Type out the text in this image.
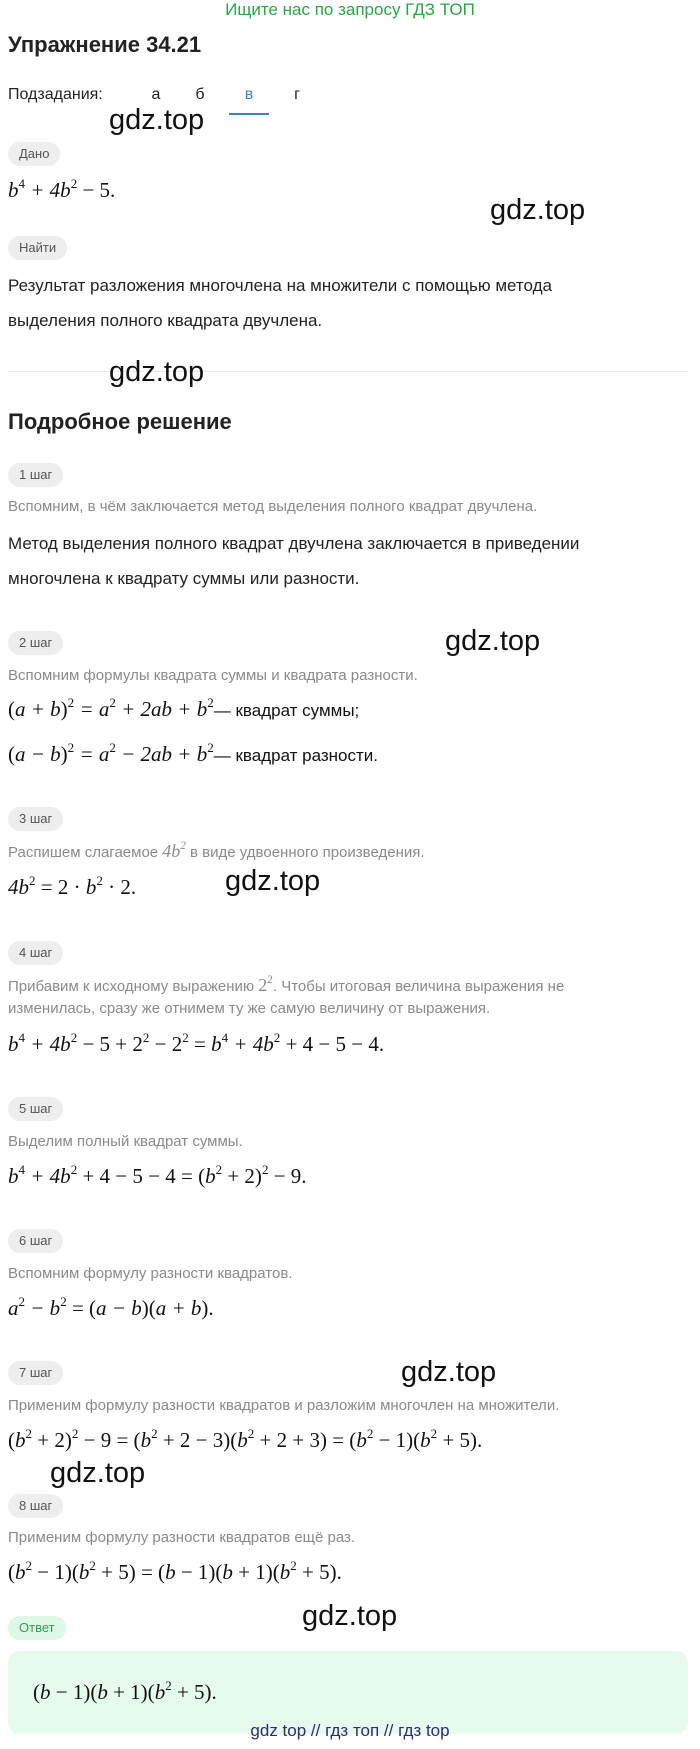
Ищите нас по запросу ГДЗ ТОП
Упражнение 34.21
Подзадания:	а	б	в	г
Дано
$b^4 + 4b^2 - 5$.
Найти
Результат разложения многочлена на множители с помощью метода
выделения полного квадрата двучлена.
Подробное решение
1 шаг
Вспомним, в чём заключается метод выделения полного квадрат двучлена.
Метод выделения полного квадрат двучлена заключается в приведении
многочлена к квадрату суммы или разности.
2 шаг
Вспомним формулы квадрата суммы и квадрата разности.
$(a + b)^2 = a^2 + 2ab$ + $b^2—$ квадрат суммы;
$(a - b)^2 = a^2 - 2ab$ + $b^2—$ квадрат разности.
3 шаг
Распишем слагаемое $4b^2$ в виде удвоенного произведения.
$4b^2 = 2 \cdot b^2 \cdot 2$.
4 шаг
Прибавим к исходному выражению $2^2$. Чтобы итоговая величина выражения не
изменилась, сразу же отнимем ту же самую величину от выражения.
$b^4 + 4b^2 - 5 + 2^2 - 2^2 = b^4 + 4b^2 + 4 - 5 - 4$.
5 шаг
Выделим полный квадрат суммы.
$b^4 + 4b^2 + 4 - 5 - 4 = (b^2 + 2)^2 - 9$.
6 шаг
Вспомним формулу разности квадратов.
$a^2 - b^2 = (a - b)(a + b)$.
7 шаг
Применим формулу разности квадратов и разложим многочлен на множители.
$(b^2 + 2)^2 - 9 = (b^2 + 2 - 3)(b^2 + 2 + 3) = (b^2 - 1)(b^2 + 5)$.
8 шаг
Применим формулу разности квадратов ещё раз.
$(b^2 - 1)(b^2 + 5) = (b - 1)(b + 1)(b^2 + 5)$.
Ответ
$(b - 1)(b + 1)(b^2 + 5)$.
gdz.top
gdz.top
gdz.top
gdz.top
gdz.top
gdz.top
gdz.top
gdz.top
gdz top // гдз топ // гдз top
